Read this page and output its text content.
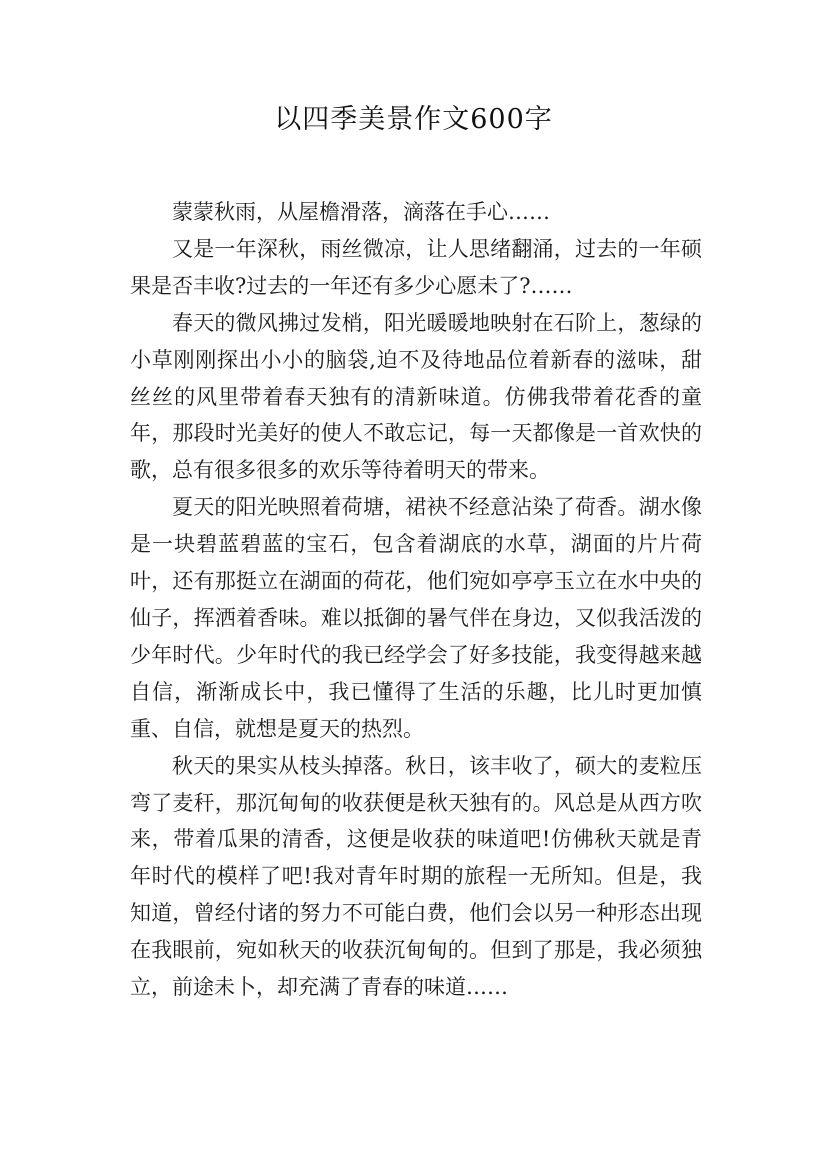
以四季美景作文600字

蒙蒙秋雨，从屋檐滑落，滴落在手心……

又是一年深秋，雨丝微凉，让人思绪翻涌，过去的一年硕果是否丰收?过去的一年还有多少心愿未了?……

春天的微风拂过发梢，阳光暖暖地映射在石阶上，葱绿的小草刚刚探出小小的脑袋,迫不及待地品位着新春的滋味，甜丝丝的风里带着春天独有的清新味道。仿佛我带着花香的童年，那段时光美好的使人不敢忘记，每一天都像是一首欢快的歌，总有很多很多的欢乐等待着明天的带来。

夏天的阳光映照着荷塘，裙袂不经意沾染了荷香。湖水像是一块碧蓝碧蓝的宝石，包含着湖底的水草，湖面的片片荷叶，还有那挺立在湖面的荷花，他们宛如亭亭玉立在水中央的仙子，挥洒着香味。难以抵御的暑气伴在身边，又似我活泼的少年时代。少年时代的我已经学会了好多技能，我变得越来越自信，渐渐成长中，我已懂得了生活的乐趣，比儿时更加慎重、自信，就想是夏天的热烈。

秋天的果实从枝头掉落。秋日，该丰收了，硕大的麦粒压弯了麦秆，那沉甸甸的收获便是秋天独有的。风总是从西方吹来，带着瓜果的清香，这便是收获的味道吧!仿佛秋天就是青年时代的模样了吧!我对青年时期的旅程一无所知。但是，我知道，曾经付诸的努力不可能白费，他们会以另一种形态出现在我眼前，宛如秋天的收获沉甸甸的。但到了那是，我必须独立，前途未卜，却充满了青春的味道……
